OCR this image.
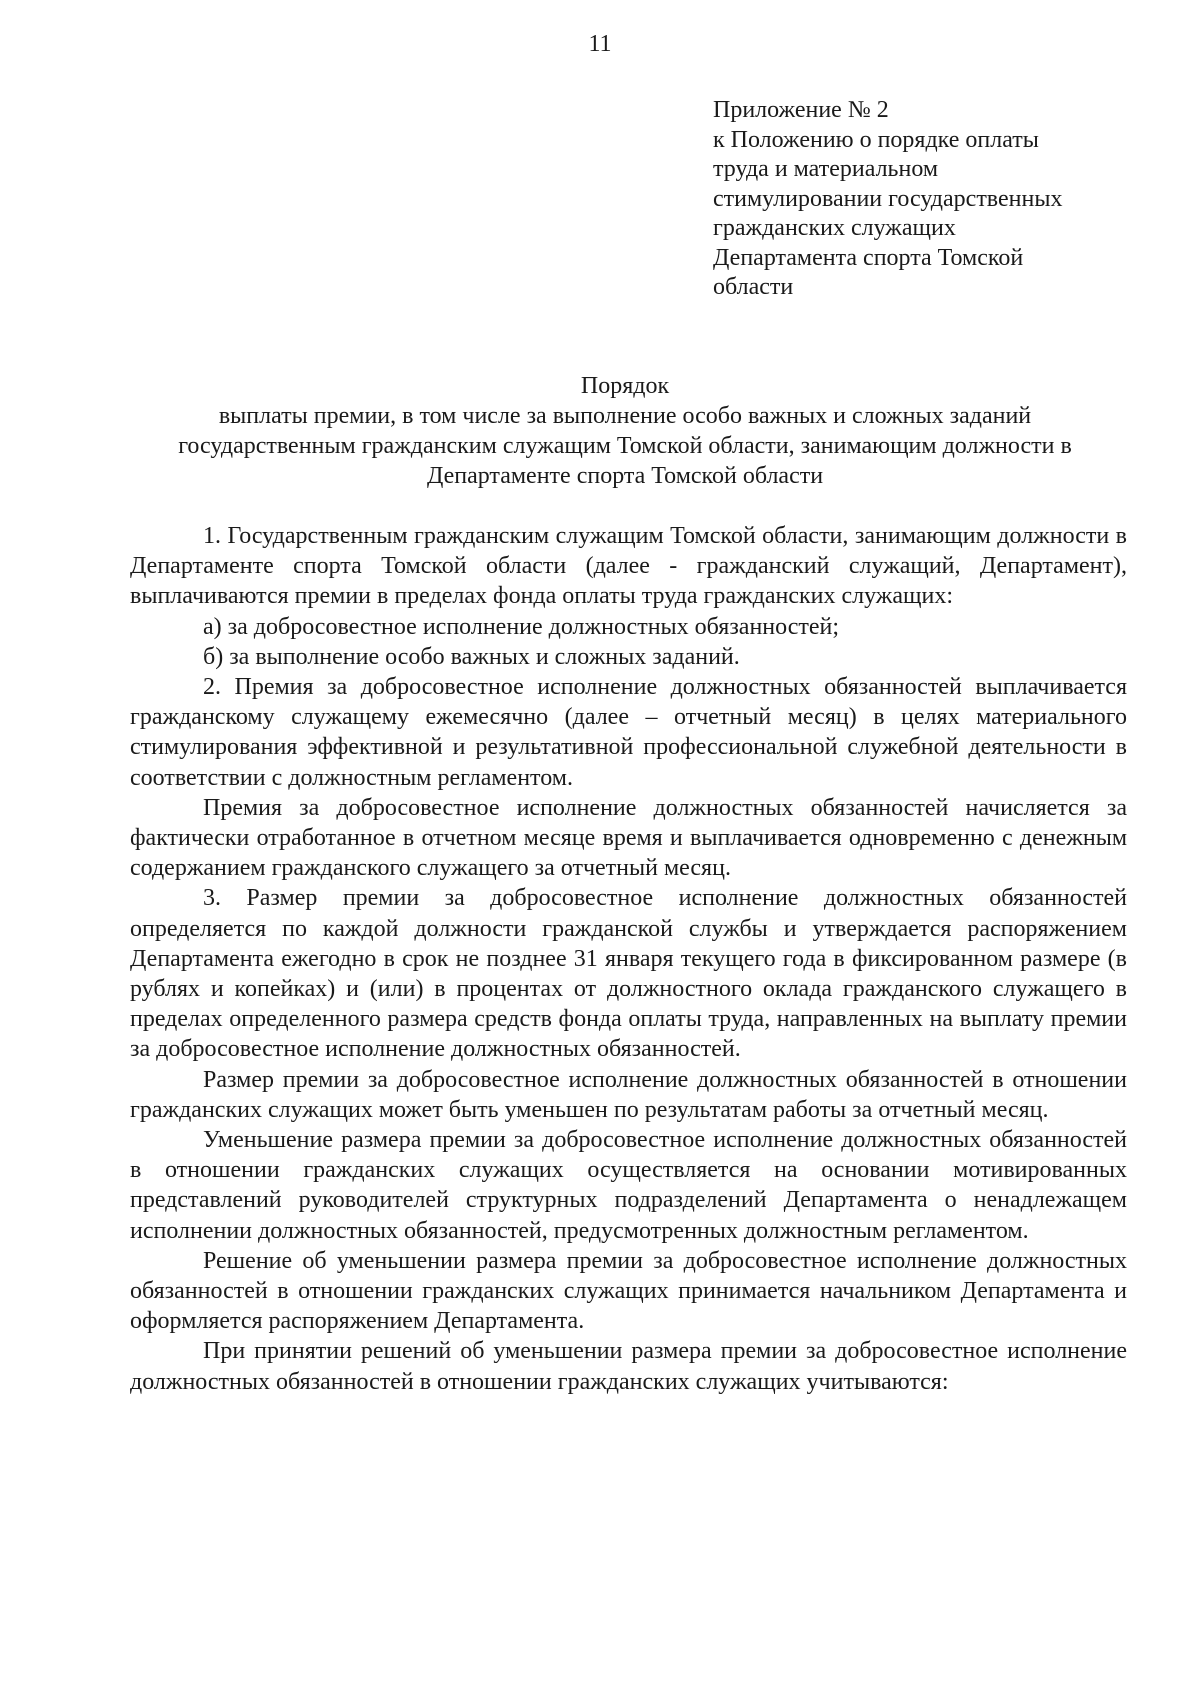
11
Приложение № 2
к Положению о порядке оплаты
труда и материальном
стимулировании государственных
гражданских служащих
Департамента спорта Томской
области
Порядок
выплаты премии, в том числе за выполнение особо важных и сложных заданий
государственным гражданским служащим Томской области, занимающим должности в
Департаменте спорта Томской области

1. Государственным гражданским служащим Томской области, занимающим должности в Департаменте спорта Томской области (далее - гражданский служащий, Департамент), выплачиваются премии в пределах фонда оплаты труда гражданских служащих:

а) за добросовестное исполнение должностных обязанностей;

б) за выполнение особо важных и сложных заданий.

2. Премия за добросовестное исполнение должностных обязанностей выплачивается гражданскому служащему ежемесячно (далее – отчетный месяц) в целях материального стимулирования эффективной и результативной профессиональной служебной деятельности в соответствии с должностным регламентом.

Премия за добросовестное исполнение должностных обязанностей начисляется за фактически отработанное в отчетном месяце время и выплачивается одновременно с денежным содержанием гражданского служащего за отчетный месяц.

3. Размер премии за добросовестное исполнение должностных обязанностей определяется по каждой должности гражданской службы и утверждается распоряжением Департамента ежегодно в срок не позднее 31 января текущего года в фиксированном размере (в рублях и копейках) и (или) в процентах от должностного оклада гражданского служащего в пределах определенного размера средств фонда оплаты труда, направленных на выплату премии за добросовестное исполнение должностных обязанностей.

Размер премии за добросовестное исполнение должностных обязанностей в отношении гражданских служащих может быть уменьшен по результатам работы за отчетный месяц.

Уменьшение размера премии за добросовестное исполнение должностных обязанностей в отношении гражданских служащих осуществляется на основании мотивированных представлений руководителей структурных подразделений Департамента о ненадлежащем исполнении должностных обязанностей, предусмотренных должностным регламентом.

Решение об уменьшении размера премии за добросовестное исполнение должностных обязанностей в отношении гражданских служащих принимается начальником Департамента и оформляется распоряжением Департамента.

При принятии решений об уменьшении размера премии за добросовестное исполнение должностных обязанностей в отношении гражданских служащих учитываются:
